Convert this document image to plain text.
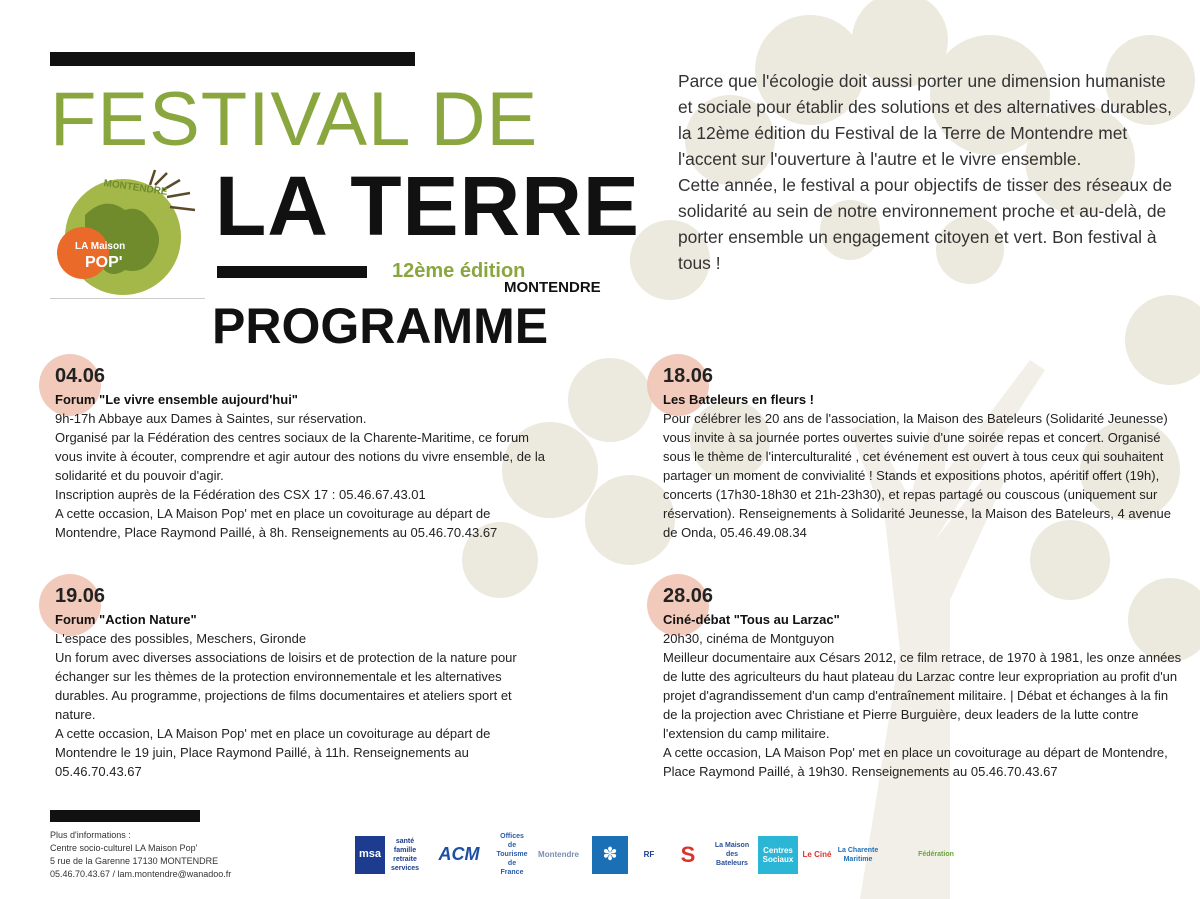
FESTIVAL DE
LA Maison
POP'
MONTENDRE LA TERRE
12ème édition
MONTENDRE
PROGRAMME

Parce que l'écologie doit aussi porter une dimension humaniste et sociale pour établir des solutions et des alternatives durables, la 12ème édition du Festival de la Terre de Montendre met l'accent sur l'ouverture à l'autre et le vivre ensemble.

Cette année, le festival a pour objectifs de tisser des réseaux de solidarité au sein de notre environnement proche et au-delà, de porter ensemble un engagement citoyen et vert. Bon festival à tous !

04.06
Forum "Le vivre ensemble aujourd'hui"

9h-17h Abbaye aux Dames à Saintes, sur réservation.

Organisé par la Fédération des centres sociaux de la Charente-Maritime, ce forum vous invite à écouter, comprendre et agir autour des notions du vivre ensemble, de la solidarité et du pouvoir d'agir.

Inscription auprès de la Fédération des CSX 17 : 05.46.67.43.01

A cette occasion, LA Maison Pop' met en place un covoiturage au départ de Montendre, Place Raymond Paillé, à 8h. Renseignements au 05.46.70.43.67

18.06
Les Bateleurs en fleurs !

Pour célébrer les 20 ans de l'association, la Maison des Bateleurs (Solidarité Jeunesse) vous invite à sa journée portes ouvertes suivie d'une soirée repas et concert. Organisé sous le thème de l'interculturalité , cet événement est ouvert à tous ceux qui souhaitent partager un moment de convivialité ! Stands et expositions photos, apéritif offert (19h), concerts (17h30-18h30 et 21h-23h30), et repas partagé ou couscous (uniquement sur réservation). Renseignements à Solidarité Jeunesse, la Maison des Bateleurs, 4 avenue de Onda, 05.46.49.08.34

19.06
Forum "Action Nature"

L'espace des possibles, Meschers, Gironde

Un forum avec diverses associations de loisirs et de protection de la nature pour échanger sur les thèmes de la protection environnementale et les alternatives durables. Au programme, projections de films documentaires et ateliers sport et nature.

A cette occasion, LA Maison Pop' met en place un covoiturage au départ de Montendre le 19 juin, Place Raymond Paillé, à 11h. Renseignements au 05.46.70.43.67

28.06
Ciné-débat "Tous au Larzac"

20h30, cinéma de Montguyon

Meilleur documentaire aux Césars 2012, ce film retrace, de 1970 à 1981, les onze années de lutte des agriculteurs du haut plateau du Larzac contre leur expropriation au profit d'un projet d'agrandissement d'un camp d'entraînement militaire. | Débat et échanges à la fin de la projection avec Christiane et Pierre Burguière, deux leaders de la lutte contre l'extension du camp militaire.

A cette occasion, LA Maison Pop' met en place un covoiturage au départ de Montendre, Place Raymond Paillé, à 19h30. Renseignements au 05.46.70.43.67

Plus d'informations :
Centre socio-culturel LA Maison Pop'
5 rue de la Garenne 17130 MONTENDRE
05.46.70.43.67 / lam.montendre@wanadoo.fr
msa
santé famille retraite services
ACM
Offices de Tourisme de France
Montendre	✽	RF	S	La Maison des Bateleurs
Centres Sociaux	Le Ciné La Charente Maritime
Fédération
